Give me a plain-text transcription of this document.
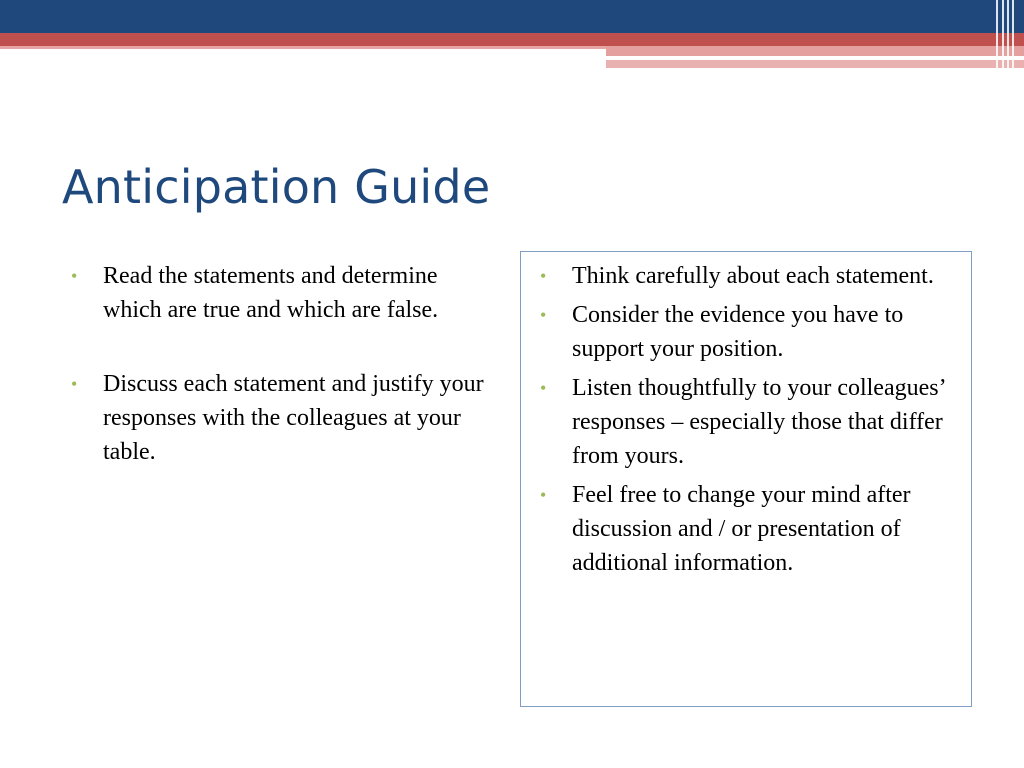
Anticipation Guide
•	Read the statements and determine which are true and which are false.
•	Discuss each statement and justify your responses with the colleagues at your table.
•	Think carefully about each statement.
•	Consider the evidence you have to support your position.
•	Listen thoughtfully to your colleagues’ responses – especially those that differ from yours.
•	Feel free to change your mind after discussion and / or presentation of additional information.
